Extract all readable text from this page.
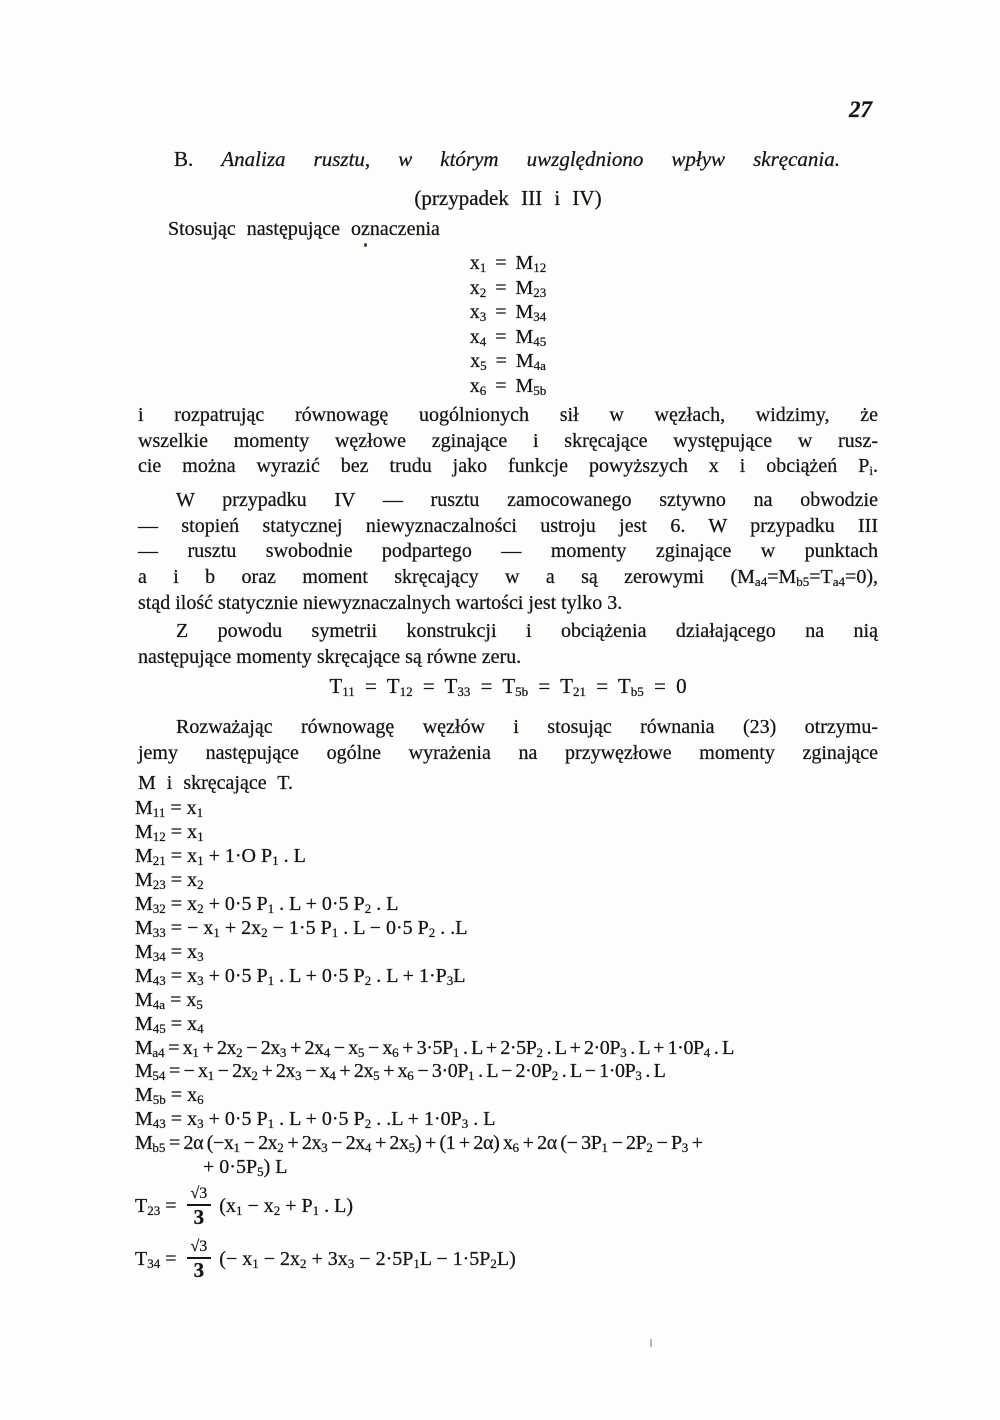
27
B. Analiza rusztu, w którym uwzględniono wpływ skręcania.
(przypadek III i IV)
Stosując następujące oznaczenia
$x_1 = M_{12}$
$x_2 = M_{23}$
$x_3 = M_{34}$
$x_4 = M_{45}$
$x_5 = M_{4a}$
$x_6 = M_{5b}$
i rozpatrując równowagę uogólnionych sił w węzłach, widzimy, że
wszelkie momenty węzłowe zginające i skręcające występujące w rusz-
cie można wyrazić bez trudu jako funkcje powyższych x i obciążeń $P_i$.
W przypadku IV — rusztu zamocowanego sztywno na obwodzie
— stopień statycznej niewyznaczalności ustroju jest 6. W przypadku III
— rusztu swobodnie podpartego — momenty zginające w punktach
a i b oraz moment skręcający w a są zerowymi $(M_{a4}=M_{b5}=T_{a4}=0)$,
stąd ilość statycznie niewyznaczalnych wartości jest tylko 3.
Z powodu symetrii konstrukcji i obciążenia działającego na nią
następujące momenty skręcające są równe zeru.
$T_{11} = T_{12} = T_{33} = T_{5b} = T_{21} = T_{b5} = 0$
Rozważając równowagę węzłów i stosując równania (23) otrzymu-
jemy następujące ogólne wyrażenia na przywęzłowe momenty zginające
M i skręcające T.
$M_{11} = x_1$
$M_{12} = x_1$
$M_{21} = x_1 + 1\cdot O$ $P_1$ . L
$M_{23} = x_2$
$M_{32} = x_2 + 0\cdot 5$ $P_1$ . L + 0·5 $P_2$ . L
$M_{33}$ = − $x_1 + 2x_2 - 1\cdot 5$ $P_1$ . L − 0·5 $P_2$ . .L
$M_{34} = x_3$
$M_{43} = x_3 + 0\cdot 5$ $P_1$ . L + 0·5 $P_2$ . $L + 1\cdot P_3L$
$M_{4a} = x_5$
$M_{45} = x_4$
$M_{a4} = x_1 + 2x_2 - 2x_3 + 2x_4 - x_5 - x_6 + 3\cdot 5P_1$ . $L + 2\cdot 5P_2$ . $L + 2\cdot 0P_3$ . $L + 1\cdot 0P_4$ . L
$M_{54}$ = − $x_1 - 2x_2 + 2x_3 - x_4 + 2x_5 + x_6 - 3\cdot 0P_1$ . $L - 2\cdot 0P_2$ . $L - 1\cdot 0P_3$ . L
$M_{5b} = x_6$
$M_{43} = x_3 + 0\cdot 5$ $P_1$ . L + 0·5 $P_2$ . $.L + 1\cdot 0P_3$ . L
$M_{b5} = 2\alpha$ $(-x_1 - 2x_2 + 2x_3 - 2x_4 + 2x_5) + (1 + 2\alpha) x_6 + 2\alpha$ (− $3P_1 - 2P_2 - P_3$ +
+ $0\cdot 5P_5$) L
$T_{23} = \frac{√3}{3} (x_1 - x_2 + P_1$ . L)
$T_{34} = \frac{√3}{3}$ (− $x_1 - 2x_2 + 3x_3 - 2\cdot 5P_1L - 1\cdot 5P_2L$)
